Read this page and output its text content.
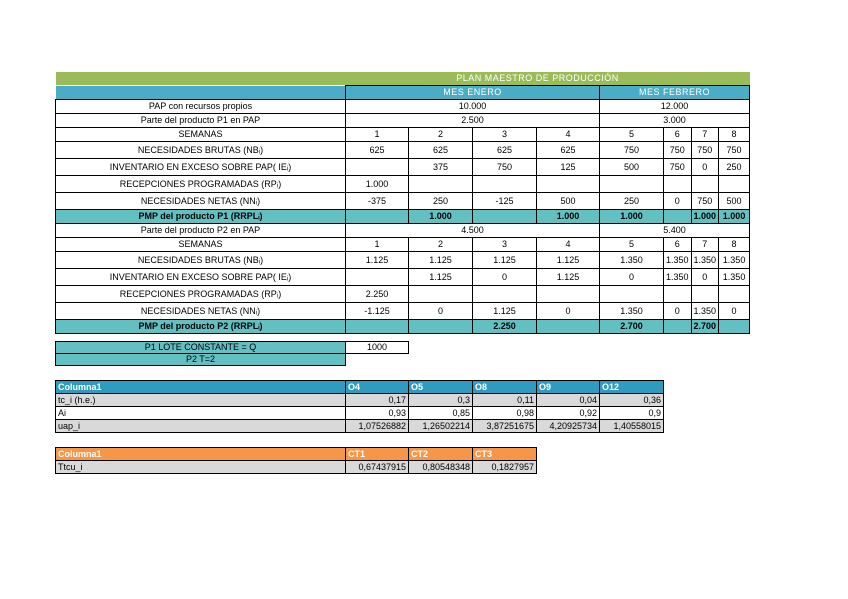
PLAN MAESTRO DE PRODUCCIÓN								
	MES ENERO				MES FEBRERO			
PAP con recursos propios	10.000				12.000			
Parte del producto P1 en PAP	2.500				3.000			
SEMANAS	1	2	3	4	5	6	7	8
NECESIDADES BRUTAS (NBᵢ)	625	625	625	625	750	750	750	750
INVENTARIO EN EXCESO SOBRE PAP( IEᵢ)		375	750	125	500	750	0	250
RECEPCIONES PROGRAMADAS (RPᵢ)	1.000							
NECESIDADES NETAS (NNᵢ)	-375	250	-125	500	250	0	750	500
PMP del producto P1 (RRPLᵢ)		1.000		1.000	1.000		1.000	1.000
Parte del producto P2 en PAP	4.500				5.400			
SEMANAS	1	2	3	4	5	6	7	8
NECESIDADES BRUTAS (NBᵢ)	1.125	1.125	1.125	1.125	1.350	1.350	1.350	1.350
INVENTARIO EN EXCESO SOBRE PAP( IEᵢ)		1.125	0	1.125	0	1.350	0	1.350
RECEPCIONES PROGRAMADAS (RPᵢ)	2.250							
NECESIDADES NETAS (NNᵢ)	-1.125	0	1.125	0	1.350	0	1.350	0
PMP del producto P2 (RRPLᵢ)			2.250		2.700		2.700	
P1 LOTE CONSTANTE = Q	1000
P2 T=2	
Columna1	O4	O5	O8	O9	O12
tc_i (h.e.)	0,17	0,3	0,11	0,04	0,36
Ai	0,93	0,85	0,98	0,92	0,9
uap_i	1,07526882	1,26502214	3,87251675	4,20925734	1,40558015
Columna1	CT1	CT2	CT3
Ttcu_i	0,67437915	0,80548348	0,1827957
